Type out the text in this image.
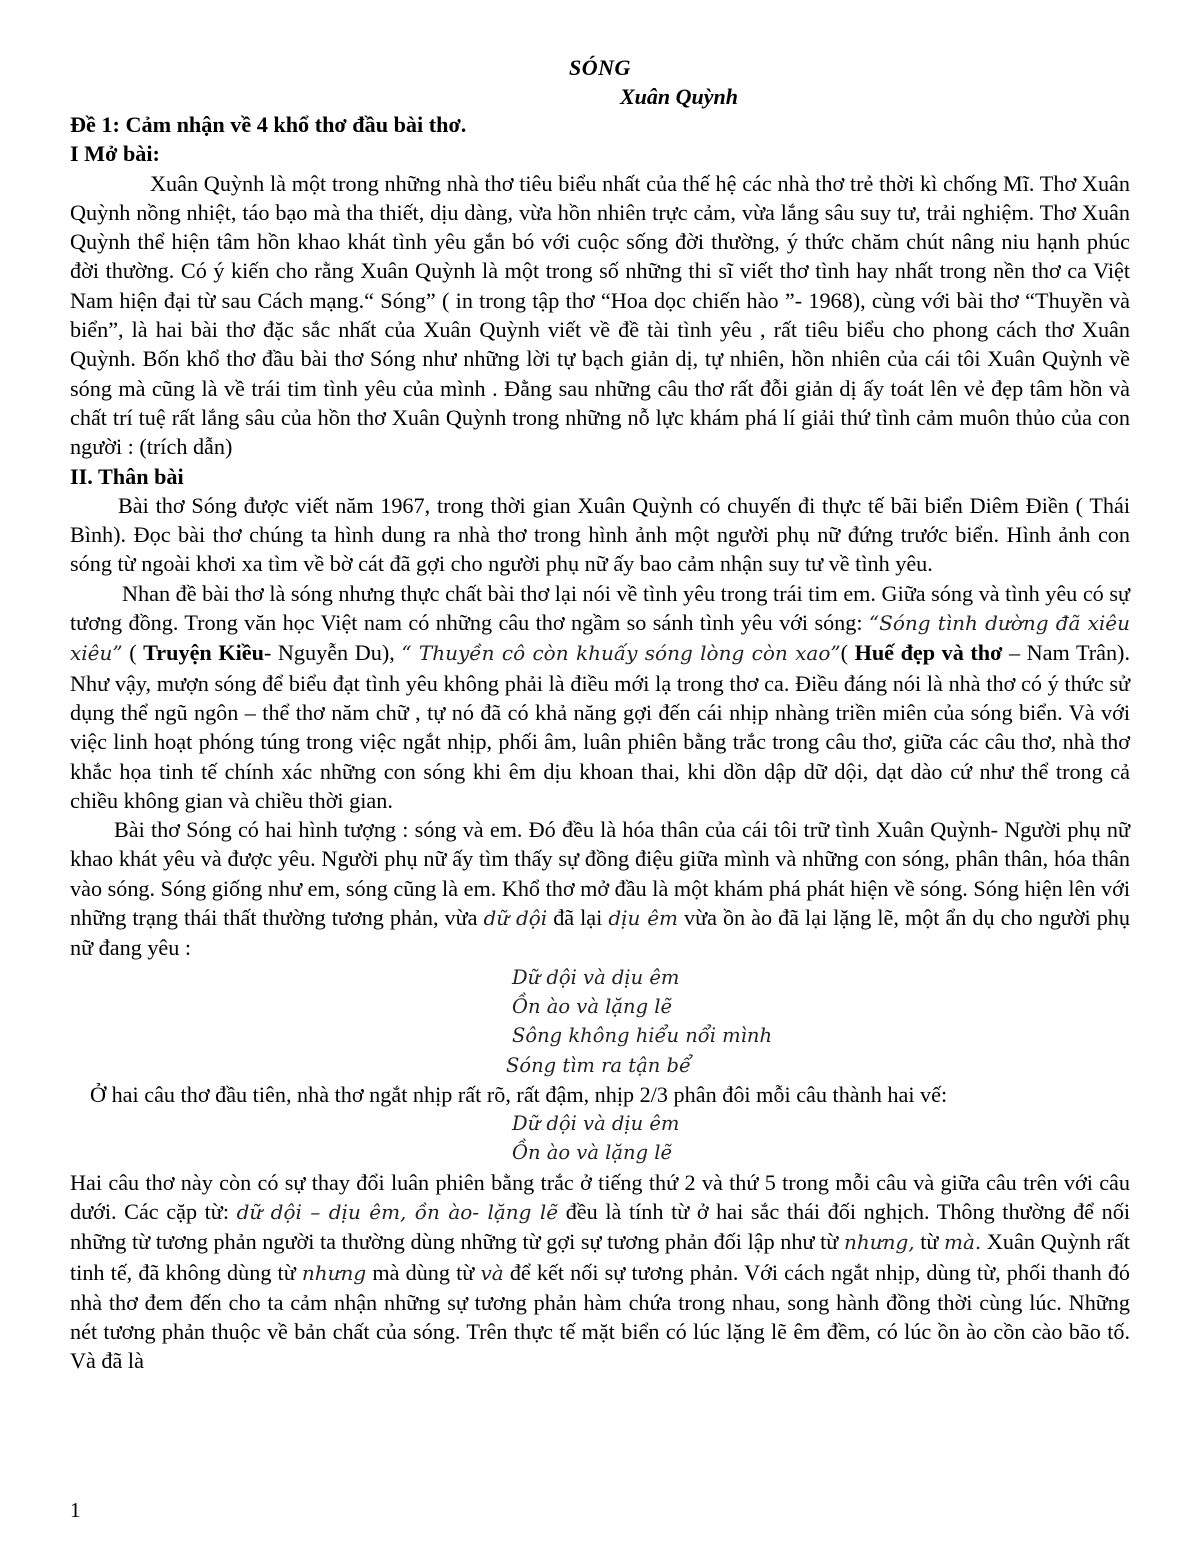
SÓNG
Xuân Quỳnh

Đề 1: Cảm nhận về 4 khổ thơ đầu bài thơ.

I Mở bài:

Xuân Quỳnh là một trong những nhà thơ tiêu biểu nhất của thế hệ các nhà thơ trẻ thời kì chống Mĩ. Thơ Xuân Quỳnh nồng nhiệt, táo bạo mà tha thiết, dịu dàng, vừa hồn nhiên trực cảm, vừa lắng sâu suy tư, trải nghiệm. Thơ Xuân Quỳnh thể hiện tâm hồn khao khát tình yêu gắn bó với cuộc sống đời thường, ý thức chăm chút nâng niu hạnh phúc đời thường. Có ý kiến cho rằng Xuân Quỳnh là một trong số những thi sĩ viết thơ tình hay nhất trong nền thơ ca Việt Nam hiện đại từ sau Cách mạng.“ Sóng” ( in trong tập thơ “Hoa dọc chiến hào ”- 1968), cùng với bài thơ “Thuyền và biển”, là hai bài thơ đặc sắc nhất của Xuân Quỳnh viết về đề tài tình yêu , rất tiêu biểu cho phong cách thơ Xuân Quỳnh. Bốn khổ thơ đầu bài thơ Sóng như những lời tự bạch giản dị, tự nhiên, hồn nhiên của cái tôi Xuân Quỳnh về sóng mà cũng là về trái tim tình yêu của mình . Đằng sau những câu thơ rất đỗi giản dị ấy toát lên vẻ đẹp tâm hồn và chất trí tuệ rất lắng sâu của hồn thơ Xuân Quỳnh trong những nỗ lực khám phá lí giải thứ tình cảm muôn thủo của con người : (trích dẫn)

II. Thân bài

Bài thơ Sóng được viết năm 1967, trong thời gian Xuân Quỳnh có chuyến đi thực tế bãi biển Diêm Điền ( Thái Bình). Đọc bài thơ chúng ta hình dung ra nhà thơ trong hình ảnh một người phụ nữ đứng trước biển. Hình ảnh con sóng từ ngoài khơi xa tìm về bờ cát đã gợi cho người phụ nữ ấy bao cảm nhận suy tư về tình yêu.

Nhan đề bài thơ là sóng nhưng thực chất bài thơ lại nói về tình yêu trong trái tim em. Giữa sóng và tình yêu có sự tương đồng. Trong văn học Việt nam có những câu thơ ngầm so sánh tình yêu với sóng: “Sóng tình dường đã xiêu xiêu” ( Truyện Kiều- Nguyễn Du), “ Thuyền cô còn khuấy sóng lòng còn xao”( Huế đẹp và thơ – Nam Trân). Như vậy, mượn sóng để biểu đạt tình yêu không phải là điều mới lạ trong thơ ca. Điều đáng nói là nhà thơ có ý thức sử dụng thể ngũ ngôn – thể thơ năm chữ , tự nó đã có khả năng gợi đến cái nhịp nhàng triền miên của sóng biển. Và với việc linh hoạt phóng túng trong việc ngắt nhịp, phối âm, luân phiên bằng trắc trong câu thơ, giữa các câu thơ, nhà thơ khắc họa tinh tế chính xác những con sóng khi êm dịu khoan thai, khi dồn dập dữ dội, dạt dào cứ như thể trong cả chiều không gian và chiều thời gian.

Bài thơ Sóng có hai hình tượng : sóng và em. Đó đều là hóa thân của cái tôi trữ tình Xuân Quỳnh- Người phụ nữ khao khát yêu và được yêu. Người phụ nữ ấy tìm thấy sự đồng điệu giữa mình và những con sóng, phân thân, hóa thân vào sóng. Sóng giống như em, sóng cũng là em. Khổ thơ mở đầu là một khám phá phát hiện về sóng. Sóng hiện lên với những trạng thái thất thường tương phản, vừa dữ dội đã lại dịu êm vừa ồn ào đã lại lặng lẽ, một ẩn dụ cho người phụ nữ đang yêu :

Dữ dội và dịu êm
Ồn ào và lặng lẽ
Sông không hiểu nổi mình
Sóng tìm ra tận bể

Ở hai câu thơ đầu tiên, nhà thơ ngắt nhịp rất rõ, rất đậm, nhịp 2/3 phân đôi mỗi câu thành hai vế:

Dữ dội và dịu êm
Ồn ào và lặng lẽ

Hai câu thơ này còn có sự thay đổi luân phiên bằng trắc ở tiếng thứ 2 và thứ 5 trong mỗi câu và giữa câu trên với câu dưới. Các cặp từ: dữ dội – dịu êm, ồn ào- lặng lẽ đều là tính từ ở hai sắc thái đối nghịch. Thông thường để nối những từ tương phản người ta thường dùng những từ gợi sự tương phản đối lập như từ nhưng, từ mà. Xuân Quỳnh rất tinh tế, đã không dùng từ nhưng mà dùng từ và để kết nối sự tương phản. Với cách ngắt nhịp, dùng từ, phối thanh đó nhà thơ đem đến cho ta cảm nhận những sự tương phản hàm chứa trong nhau, song hành đồng thời cùng lúc. Những nét tương phản thuộc về bản chất của sóng. Trên thực tế mặt biển có lúc lặng lẽ êm đềm, có lúc ồn ào cồn cào bão tố. Và đã là

1
